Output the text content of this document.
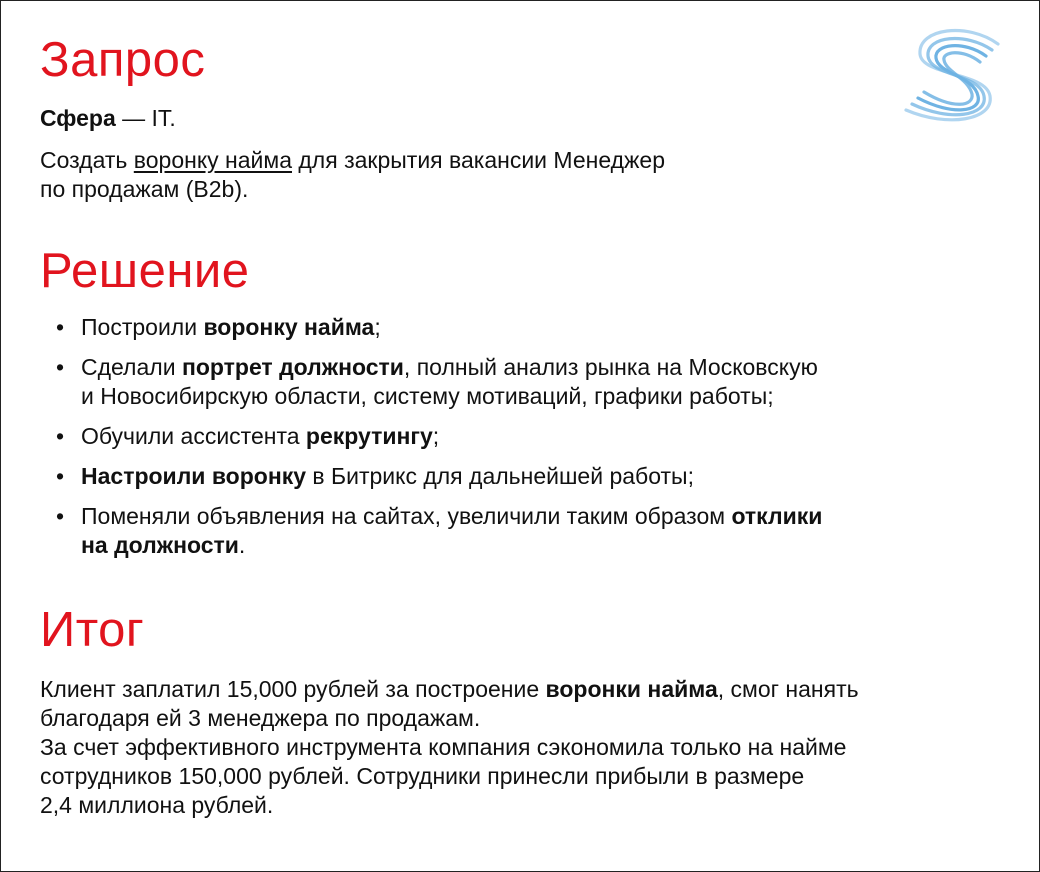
Запрос

Сфера — IT.

Создать воронку найма для закрытия вакансии Менеджер
по продажам (B2b).

Решение
• Построили воронку найма;
• Сделали портрет должности, полный анализ рынка на Московскую
и Новосибирскую области, систему мотиваций, графики работы;
• Обучили ассистента рекрутингу;
• Настроили воронку в Битрикс для дальнейшей работы;
• Поменяли объявления на сайтах, увеличили таким образом отклики
на должности.
Итог

Клиент заплатил 15,000 рублей за построение воронки найма, смог нанять
благодаря ей 3 менеджера по продажам.
За счет эффективного инструмента компания сэкономила только на найме
сотрудников 150,000 рублей. Сотрудники принесли прибыли в размере
2,4 миллиона рублей.
